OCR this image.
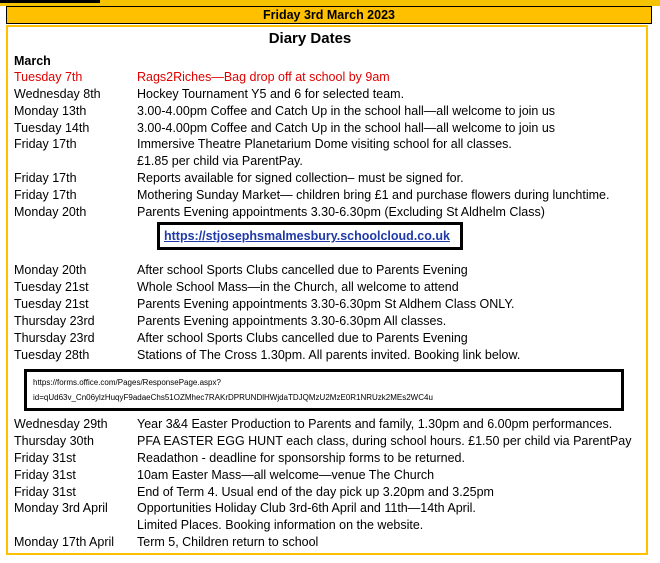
Friday 3rd March 2023
Diary Dates
March
Tuesday 7th	Rags2Riches—Bag drop off at school by 9am
Wednesday 8th	Hockey Tournament Y5 and 6 for selected team.
Monday 13th	3.00-4.00pm Coffee and Catch Up in the school hall—all welcome to join us
Tuesday 14th	3.00-4.00pm Coffee and Catch Up in the school hall—all welcome to join us
Friday 17th	Immersive Theatre Planetarium Dome visiting school for all classes.
£1.85 per child via ParentPay.
Friday 17th	Reports available for signed collection– must be signed for.
Friday 17th	Mothering Sunday Market— children bring £1 and purchase flowers during lunchtime.
Monday 20th	Parents Evening appointments 3.30-6.30pm (Excluding St Aldhelm Class)
https://stjosephsmalmesbury.schoolcloud.co.uk
Monday 20th	After school Sports Clubs cancelled due to Parents Evening
Tuesday 21st	Whole School Mass—in the Church, all welcome to attend
Tuesday 21st	Parents Evening appointments 3.30-6.30pm St Aldhem Class ONLY.
Thursday 23rd	Parents Evening appointments 3.30-6.30pm All classes.
Thursday 23rd	After school Sports Clubs cancelled due to Parents Evening
Tuesday 28th	Stations of The Cross 1.30pm. All parents invited. Booking link below.
https://forms.office.com/Pages/ResponsePage.aspx?
id=qUd63v_Cn06ylzHuqyF9adaeChs51OZMhec7RAKrDPRUNDlHWjdaTDJQMzU2MzE0R1NRUzk2MEs2WC4u
Wednesday 29th	Year 3&4 Easter Production to Parents and family, 1.30pm and 6.00pm performances.
Thursday 30th	PFA EASTER EGG HUNT each class, during school hours. £1.50 per child via ParentPay
Friday 31st	Readathon - deadline for sponsorship forms to be returned.
Friday 31st	10am Easter Mass—all welcome—venue The Church
Friday 31st	End of Term 4. Usual end of the day pick up 3.20pm and 3.25pm
Monday 3rd April	Opportunities Holiday Club 3rd-6th April and 11th—14th April.
Limited Places. Booking information on the website.
Monday 17th April	Term 5, Children return to school
